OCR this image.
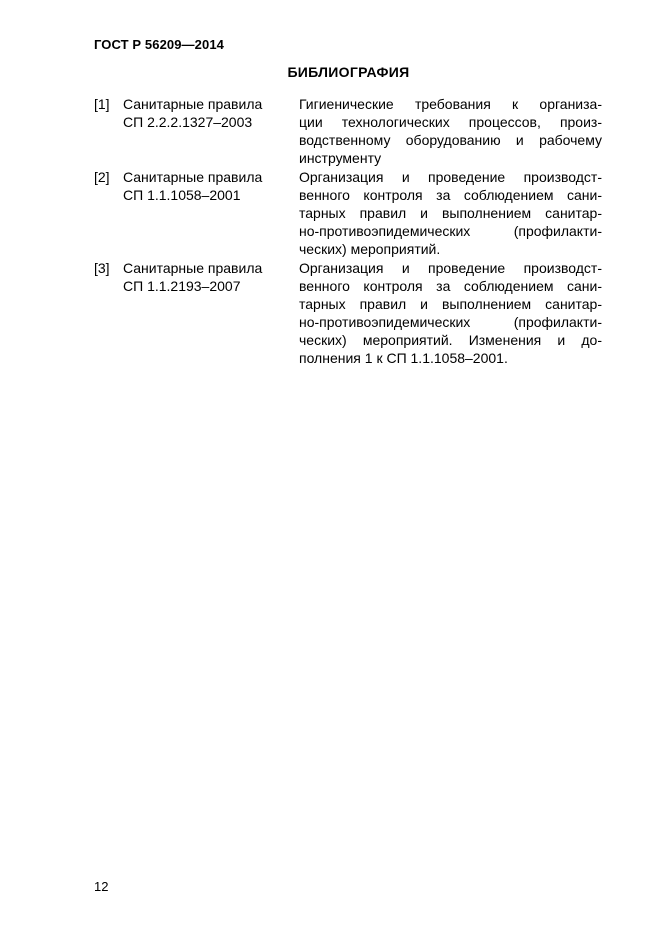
ГОСТ Р 56209—2014
БИБЛИОГРАФИЯ
[1] Санитарные правила
СП 2.2.2.1327–2003
Гигиенические требования к организа-
ции технологических процессов, произ-
водственному оборудованию и рабочему
инструменту
[2] Санитарные правила
СП 1.1.1058–2001
Организация и проведение производст-
венного контроля за соблюдением сани-
тарных правил и выполнением санитар-
но-противоэпидемических (профилакти-
ческих) мероприятий.
[3] Санитарные правила
СП 1.1.2193–2007
Организация и проведение производст-
венного контроля за соблюдением сани-
тарных правил и выполнением санитар-
но-противоэпидемических (профилакти-
ческих) мероприятий. Изменения и до-
полнения 1 к СП 1.1.1058–2001.
12
